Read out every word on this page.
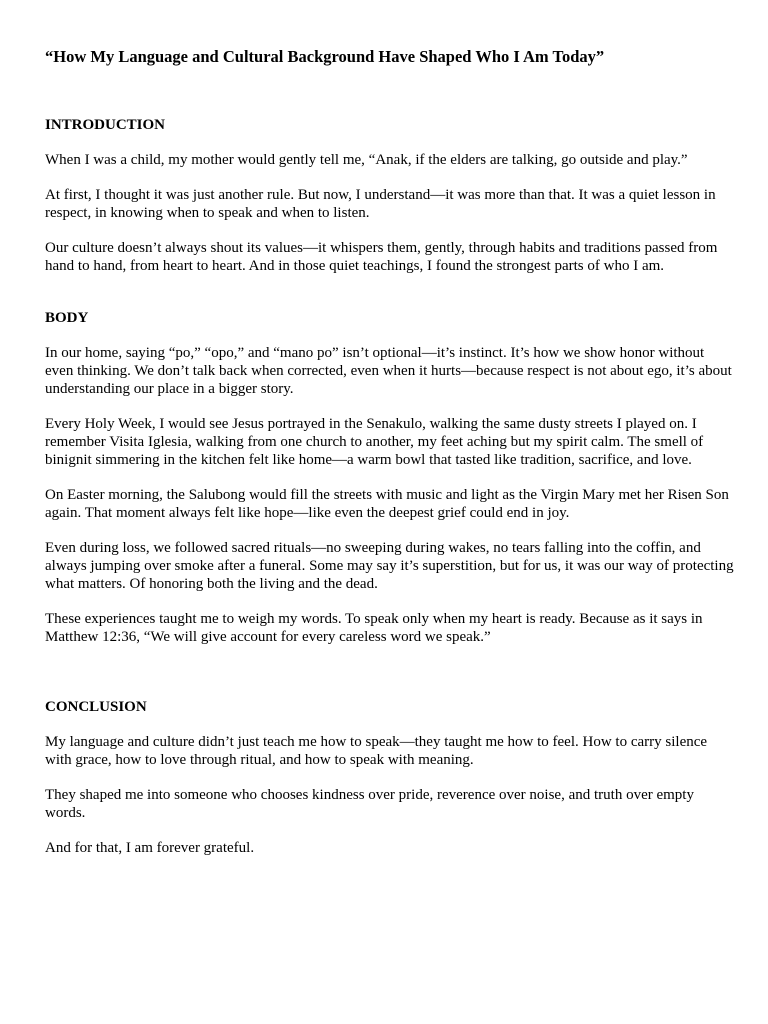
“How My Language and Cultural Background Have Shaped Who I Am Today”
INTRODUCTION

When I was a child, my mother would gently tell me, “Anak, if the elders are talking, go outside and play.”

At first, I thought it was just another rule. But now, I understand—it was more than that. It was a quiet lesson in respect, in knowing when to speak and when to listen.

Our culture doesn’t always shout its values—it whispers them, gently, through habits and traditions passed from hand to hand, from heart to heart. And in those quiet teachings, I found the strongest parts of who I am.

BODY

In our home, saying “po,” “opo,” and “mano po” isn’t optional—it’s instinct. It’s how we show honor without even thinking. We don’t talk back when corrected, even when it hurts—because respect is not about ego, it’s about understanding our place in a bigger story.

Every Holy Week, I would see Jesus portrayed in the Senakulo, walking the same dusty streets I played on. I remember Visita Iglesia, walking from one church to another, my feet aching but my spirit calm. The smell of binignit simmering in the kitchen felt like home—a warm bowl that tasted like tradition, sacrifice, and love.

On Easter morning, the Salubong would fill the streets with music and light as the Virgin Mary met her Risen Son again. That moment always felt like hope—like even the deepest grief could end in joy.

Even during loss, we followed sacred rituals—no sweeping during wakes, no tears falling into the coffin, and always jumping over smoke after a funeral. Some may say it’s superstition, but for us, it was our way of protecting what matters. Of honoring both the living and the dead.

These experiences taught me to weigh my words. To speak only when my heart is ready. Because as it says in Matthew 12:36, “We will give account for every careless word we speak.”

CONCLUSION

My language and culture didn’t just teach me how to speak—they taught me how to feel. How to carry silence with grace, how to love through ritual, and how to speak with meaning.

They shaped me into someone who chooses kindness over pride, reverence over noise, and truth over empty words.

And for that, I am forever grateful.
